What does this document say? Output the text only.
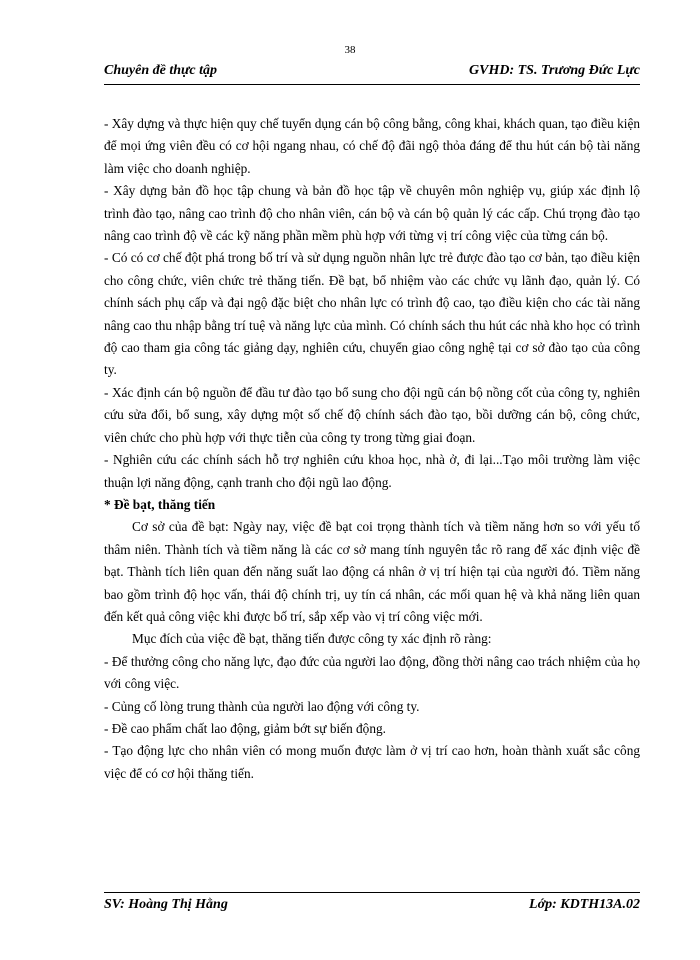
38
Chuyên đề thực tập	GVHD: TS. Trương Đức Lực

- Xây dựng và thực hiện quy chế tuyển dụng cán bộ công bằng, công khai, khách quan, tạo điều kiện để mọi ứng viên đều có cơ hội ngang nhau, có chế độ đãi ngộ thỏa đáng để thu hút cán bộ tài năng làm việc cho doanh nghiệp.

- Xây dựng bản đồ học tập chung và bản đồ học tập về chuyên môn nghiệp vụ, giúp xác định lộ trình đào tạo, nâng cao trình độ cho nhân viên, cán bộ và cán bộ quản lý các cấp. Chú trọng đào tạo nâng cao trình độ về các kỹ năng phần mềm phù hợp với từng vị trí công việc của từng cán bộ.

- Có có cơ chế đột phá trong bố trí và sử dụng nguồn nhân lực trẻ được đào tạo cơ bản, tạo điều kiện cho công chức, viên chức trẻ thăng tiến. Đề bạt, bổ nhiệm vào các chức vụ lãnh đạo, quản lý. Có chính sách phụ cấp và đại ngộ đặc biệt cho nhân lực có trình độ cao, tạo điều kiện cho các tài năng nâng cao thu nhập bằng trí tuệ và năng lực của mình. Có chính sách thu hút các nhà kho học có trình độ cao tham gia công tác giảng dạy, nghiên cứu, chuyển giao công nghệ tại cơ sở đào tạo của công ty.

- Xác định cán bộ nguồn để đầu tư đào tạo bổ sung cho đội ngũ cán bộ nồng cốt của công ty, nghiên cứu sửa đổi, bổ sung, xây dựng một số chế độ chính sách đào tạo, bồi dưỡng cán bộ, công chức, viên chức cho phù hợp với thực tiễn của công ty trong từng giai đoạn.

- Nghiên cứu các chính sách hỗ trợ nghiên cứu khoa học, nhà ở, đi lại...Tạo môi trường làm việc thuận lợi năng động, cạnh tranh cho đội ngũ lao động.

* Đề bạt, thăng tiến

Cơ sở của đề bạt: Ngày nay, việc đề bạt coi trọng thành tích và tiềm năng hơn so với yếu tố thâm niên. Thành tích và tiềm năng là các cơ sở mang tính nguyên tắc rõ rang để xác định việc đề bạt. Thành tích liên quan đến năng suất lao động cá nhân ở vị trí hiện tại của người đó. Tiềm năng bao gồm trình độ học vấn, thái độ chính trị, uy tín cá nhân, các mối quan hệ và khả năng liên quan đến kết quả công việc khi được bố trí, sắp xếp vào vị trí công việc mới.

Mục đích của việc đề bạt, thăng tiến được công ty xác định rõ ràng:

- Để thưởng công cho năng lực, đạo đức của người lao động, đồng thời nâng cao trách nhiệm của họ với công việc.

- Củng cố lòng trung thành của người lao động với công ty.

- Đề cao phẩm chất lao động, giảm bớt sự biến động.

- Tạo động lực cho nhân viên có mong muốn được làm ở vị trí cao hơn, hoàn thành xuất sắc công việc để có cơ hội thăng tiến.

SV: Hoàng Thị Hằng	Lớp: KDTH13A.02
